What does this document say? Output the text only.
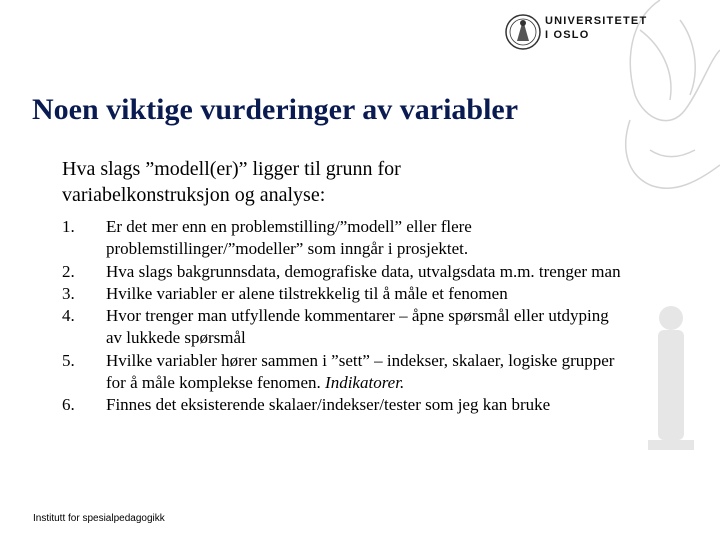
UNIVERSITETET
I OSLO
Noen viktige vurderinger av variabler

Hva slags ”modell(er)” ligger til grunn for variabelkonstruksjon og analyse:

1.	Er det mer enn en problemstilling/”modell” eller flere problemstillinger/”modeller” som inngår i prosjektet.
2.	Hva slags bakgrunnsdata, demografiske data, utvalgsdata m.m. trenger man
3.	Hvilke variabler er alene tilstrekkelig til å måle et fenomen
4.	Hvor trenger man utfyllende kommentarer – åpne spørsmål eller utdyping av lukkede spørsmål
5.	Hvilke variabler hører sammen i ”sett” – indekser, skalaer, logiske grupper for å måle komplekse fenomen. Indikatorer.
6.	Finnes det eksisterende skalaer/indekser/tester som jeg kan bruke
Institutt for spesialpedagogikk
